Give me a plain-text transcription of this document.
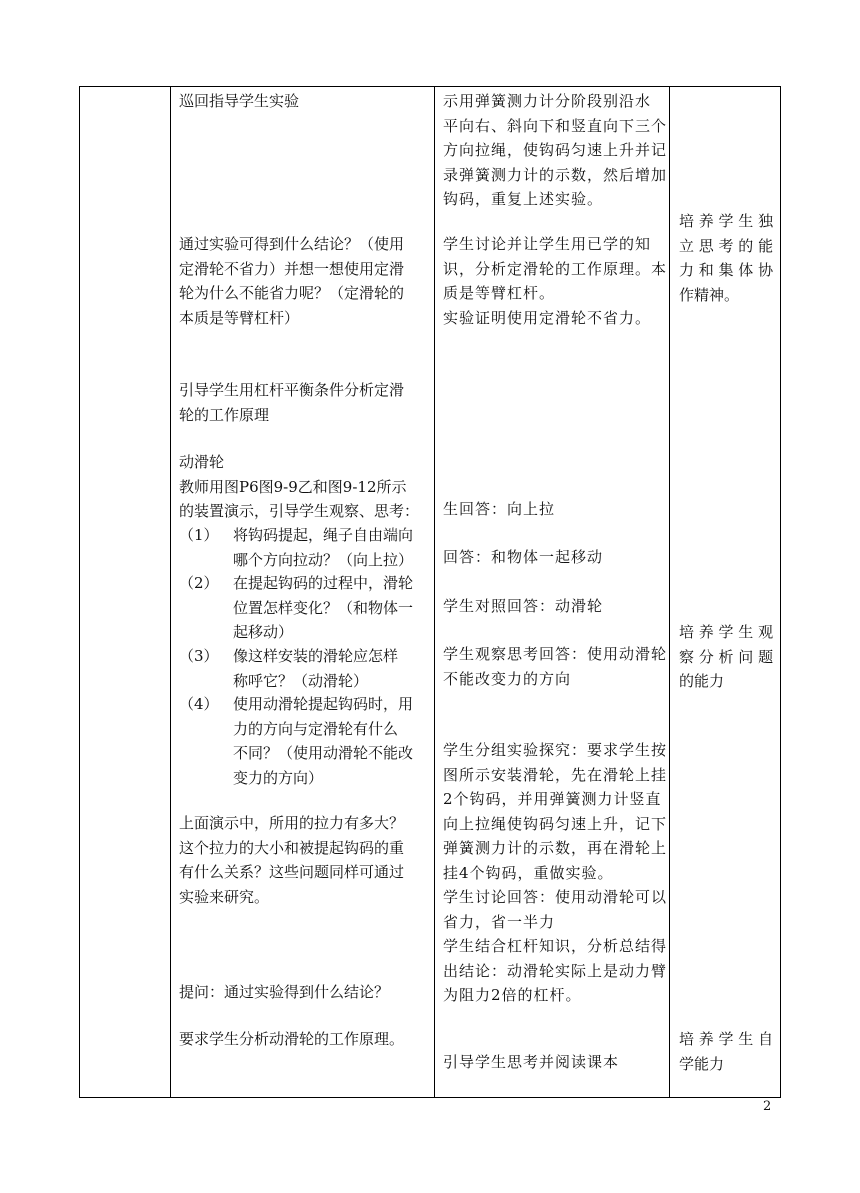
巡回指导学生实验
通过实验可得到什么结论？（使用
定滑轮不省力）并想一想使用定滑
轮为什么不能省力呢？（定滑轮的
本质是等臂杠杆）
引导学生用杠杆平衡条件分析定滑
轮的工作原理
动滑轮
教师用图P6图9-9乙和图9-12所示
的装置演示，引导学生观察、思考：
（1） 将钩码提起，绳子自由端向
哪个方向拉动？（向上拉）
（2） 在提起钩码的过程中，滑轮
位置怎样变化？（和物体一
起移动）
（3） 像这样安装的滑轮应怎样
称呼它？（动滑轮）
（4） 使用动滑轮提起钩码时，用
力的方向与定滑轮有什么
不同？（使用动滑轮不能改
变力的方向）
上面演示中，所用的拉力有多大？
这个拉力的大小和被提起钩码的重
有什么关系？这些问题同样可通过
实验来研究。
提问：通过实验得到什么结论？
要求学生分析动滑轮的工作原理。
示用弹簧测力计分阶段别沿水
平向右、斜向下和竖直向下三个
方向拉绳，使钩码匀速上升并记
录弹簧测力计的示数，然后增加
钩码，重复上述实验。
学生讨论并让学生用已学的知
识，分析定滑轮的工作原理。本
质是等臂杠杆。
实验证明使用定滑轮不省力。
生回答：向上拉
回答：和物体一起移动
学生对照回答：动滑轮
学生观察思考回答：使用动滑轮
不能改变力的方向
学生分组实验探究：要求学生按
图所示安装滑轮，先在滑轮上挂
2个钩码，并用弹簧测力计竖直
向上拉绳使钩码匀速上升，记下
弹簧测力计的示数，再在滑轮上
挂4个钩码，重做实验。
学生讨论回答：使用动滑轮可以
省力，省一半力
学生结合杠杆知识，分析总结得
出结论：动滑轮实际上是动力臂
为阻力2倍的杠杆。
引导学生思考并阅读课本
培 养 学 生 独
立 思 考 的 能
力 和 集 体 协
作精神。
培 养 学 生 观
察 分 析 问 题
的能力
培 养 学 生 自
学能力
2
